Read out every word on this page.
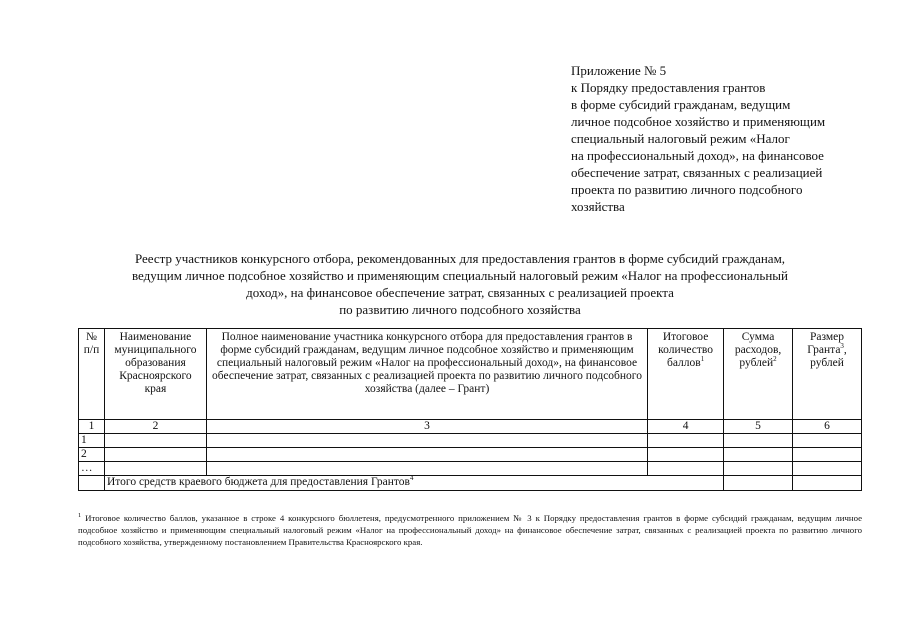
Приложение № 5
к Порядку предоставления грантов
в форме субсидий гражданам, ведущим
личное подсобное хозяйство и применяющим
специальный налоговый режим «Налог
на профессиональный доход», на финансовое
обеспечение затрат, связанных с реализацией
проекта по развитию личного подсобного
хозяйства
Реестр участников конкурсного отбора, рекомендованных для предоставления грантов в форме субсидий гражданам,
ведущим личное подсобное хозяйство и применяющим специальный налоговый режим «Налог на профессиональный
доход», на финансовое обеспечение затрат, связанных с реализацией проекта
по развитию личного подсобного хозяйства
№ п/п	Наименование муниципального образования Красноярского края	Полное наименование участника конкурсного отбора для предоставления грантов в форме субсидий гражданам, ведущим личное подсобное хозяйство и применяющим специальный налоговый режим «Налог на профессиональный доход», на финансовое обеспечение затрат, связанных с реализацией проекта по развитию личного подсобного хозяйства (далее – Грант)	Итоговое количество баллов$^1$	Сумма расходов, рублей$^2$	Размер Гранта$^3$, рублей
1	2	3	4	5	6
1					
2					
…					
	Итого средств краевого бюджета для предоставления Грантов$^4$		
$^1$ Итоговое количество баллов, указанное в строке 4 конкурсного бюллетеня, предусмотренного приложением № 3 к Порядку предоставления грантов в форме субсидий гражданам, ведущим личное подсобное хозяйство и применяющим специальный налоговый режим «Налог на профессиональный доход» на финансовое обеспечение затрат, связанных с реализацией проекта по развитию личного подсобного хозяйства, утвержденному постановлением Правительства Красноярского края.
